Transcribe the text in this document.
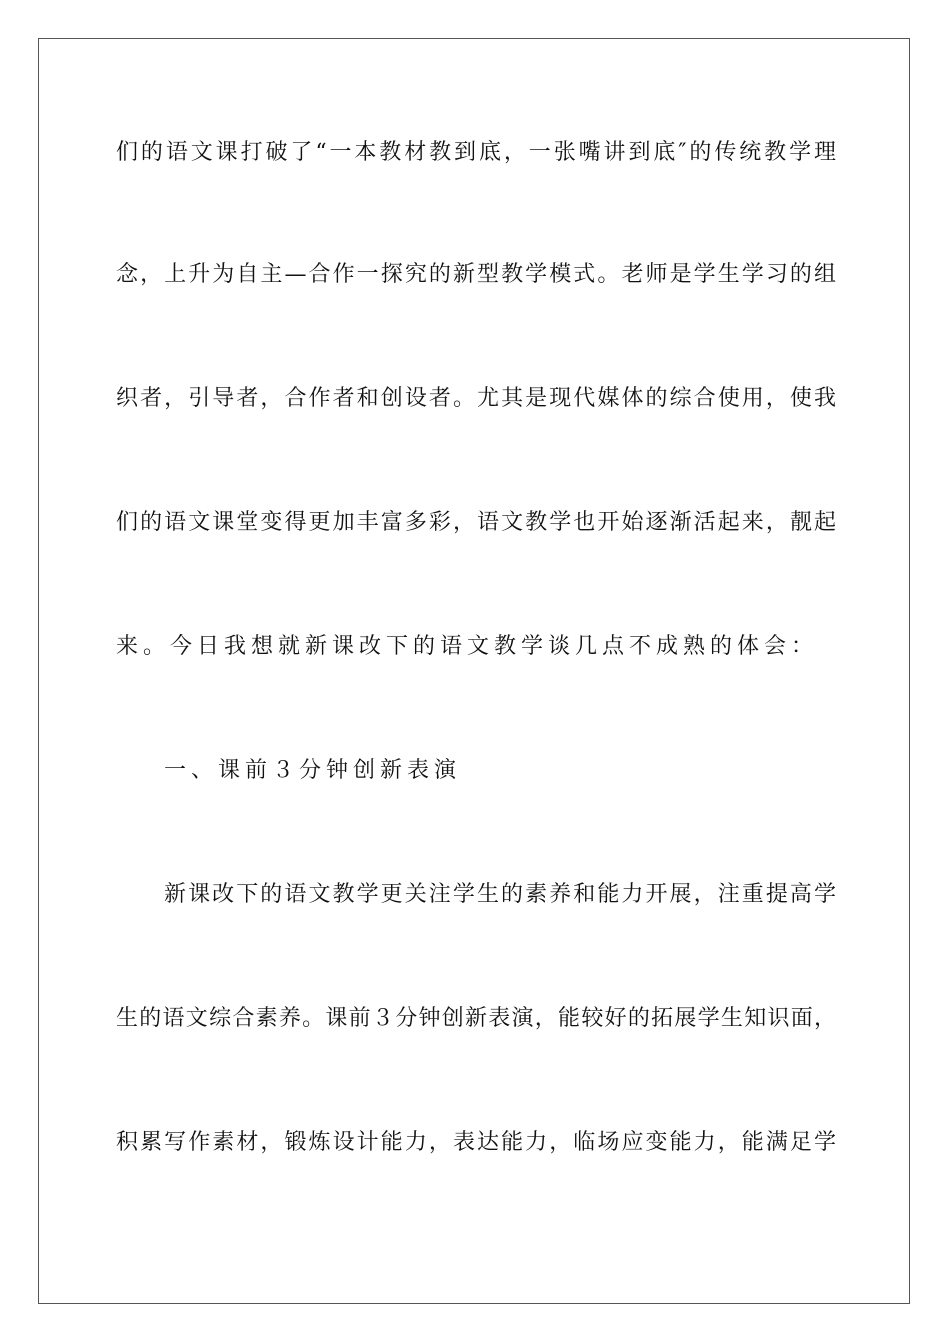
们的语文课打破了“一本教材教到底，一张嘴讲到底″的传统教学理
念，上升为自主—合作一探究的新型教学模式。老师是学生学习的组
织者，引导者，合作者和创设者。尤其是现代媒体的综合使用，使我
们的语文课堂变得更加丰富多彩，语文教学也开始逐渐活起来，靓起
来。今日我想就新课改下的语文教学谈几点不成熟的体会：
一、课前３分钟创新表演
新课改下的语文教学更关注学生的素养和能力开展，注重提高学
生的语文综合素养。课前３分钟创新表演，能较好的拓展学生知识面，
积累写作素材，锻炼设计能力，表达能力，临场应变能力，能满足学
